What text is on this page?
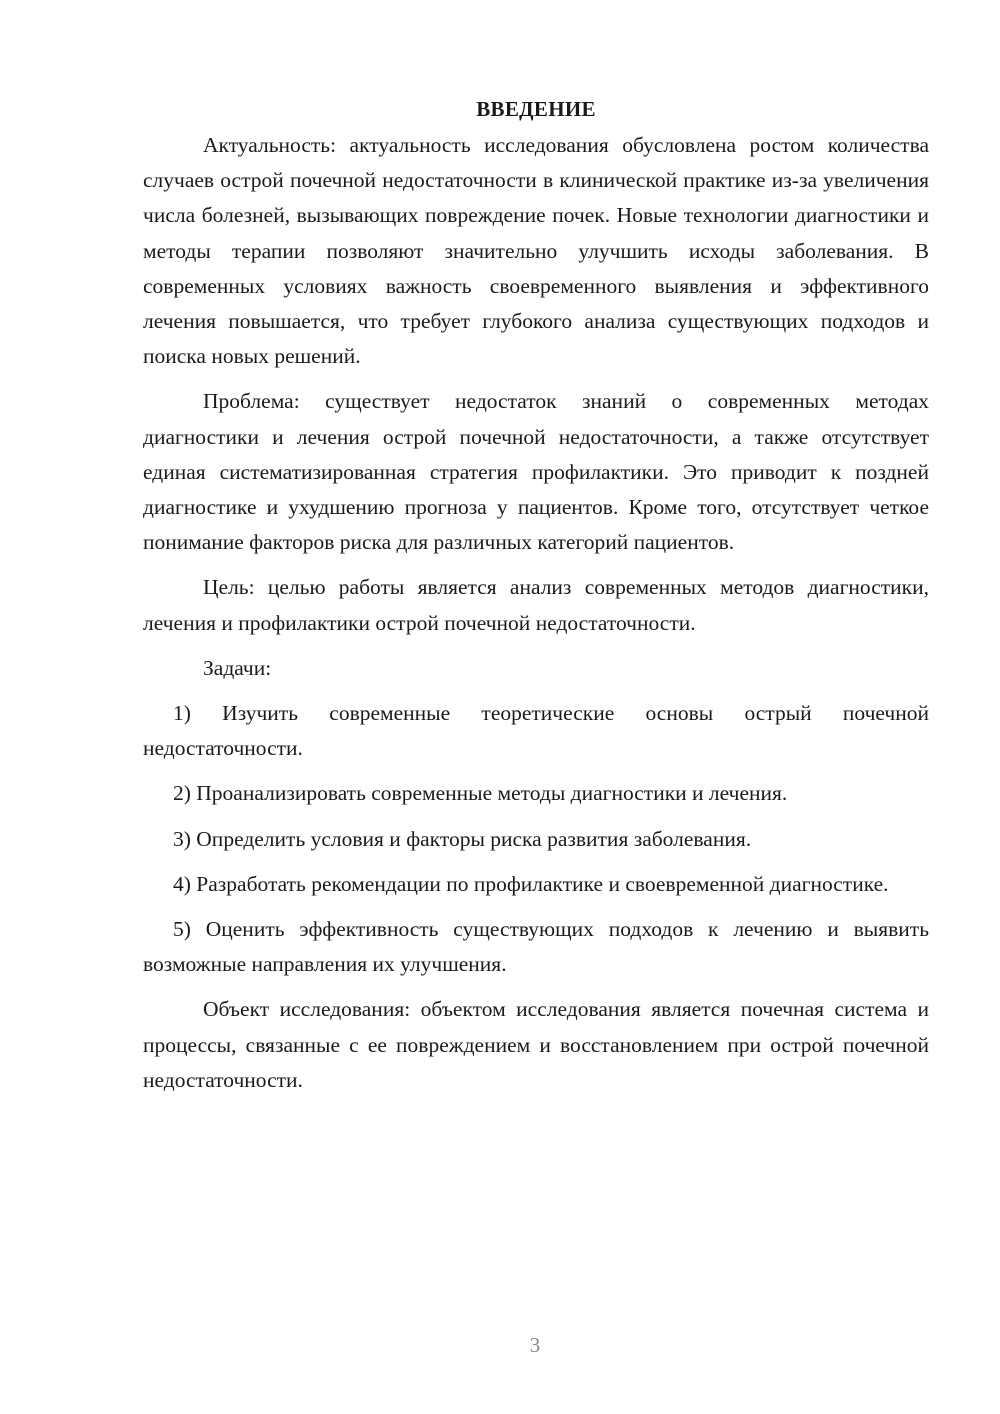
ВВЕДЕНИЕ

Актуальность: актуальность исследования обусловлена ростом количества случаев острой почечной недостаточности в клинической практике из-за увеличения числа болезней, вызывающих повреждение почек. Новые технологии диагностики и методы терапии позволяют значительно улучшить исходы заболевания. В современных условиях важность своевременного выявления и эффективного лечения повышается, что требует глубокого анализа существующих подходов и поиска новых решений.

Проблема: существует недостаток знаний о современных методах диагностики и лечения острой почечной недостаточности, а также отсутствует единая систематизированная стратегия профилактики. Это приводит к поздней диагностике и ухудшению прогноза у пациентов. Кроме того, отсутствует четкое понимание факторов риска для различных категорий пациентов.

Цель: целью работы является анализ современных методов диагностики, лечения и профилактики острой почечной недостаточности.

Задачи:

1) Изучить современные теоретические основы острый почечной недостаточности.

2) Проанализировать современные методы диагностики и лечения.

3) Определить условия и факторы риска развития заболевания.

4) Разработать рекомендации по профилактике и своевременной диагностике.

5) Оценить эффективность существующих подходов к лечению и выявить возможные направления их улучшения.

Объект исследования: объектом исследования является почечная система и процессы, связанные с ее повреждением и восстановлением при острой почечной недостаточности.

3
